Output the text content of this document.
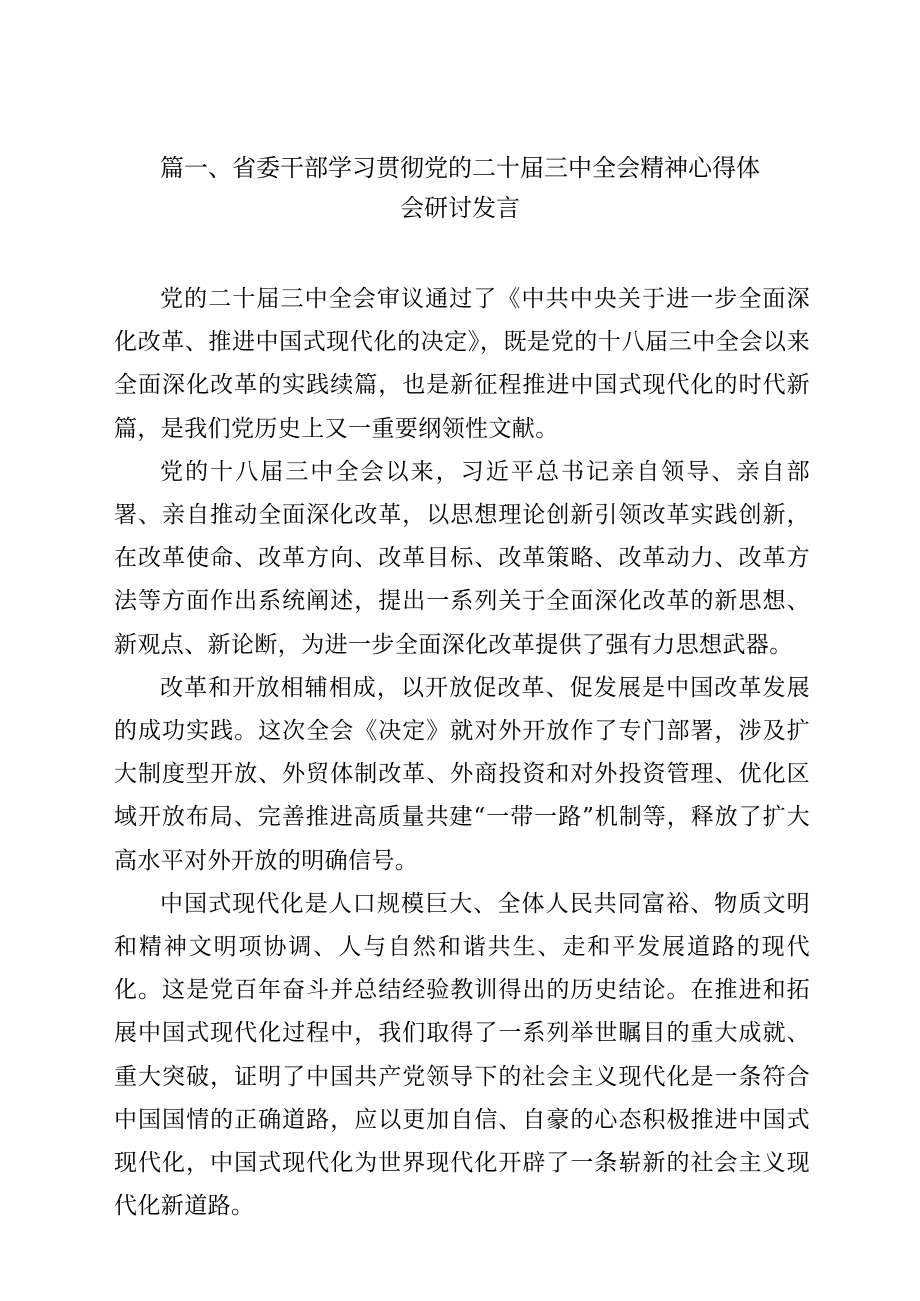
篇一、省委干部学习贯彻党的二十届三中全会精神心得体
会研讨发言

党的二十届三中全会审议通过了《中共中央关于进一步全面深化改革、推进中国式现代化的决定》，既是党的十八届三中全会以来全面深化改革的实践续篇，也是新征程推进中国式现代化的时代新篇，是我们党历史上又一重要纲领性文献。

党的十八届三中全会以来，习近平总书记亲自领导、亲自部署、亲自推动全面深化改革，以思想理论创新引领改革实践创新，在改革使命、改革方向、改革目标、改革策略、改革动力、改革方法等方面作出系统阐述，提出一系列关于全面深化改革的新思想、新观点、新论断，为进一步全面深化改革提供了强有力思想武器。

改革和开放相辅相成，以开放促改革、促发展是中国改革发展的成功实践。这次全会《决定》就对外开放作了专门部署，涉及扩大制度型开放、外贸体制改革、外商投资和对外投资管理、优化区域开放布局、完善推进高质量共建“一带一路”机制等，释放了扩大高水平对外开放的明确信号。

中国式现代化是人口规模巨大、全体人民共同富裕、物质文明和精神文明项协调、人与自然和谐共生、走和平发展道路的现代化。这是党百年奋斗并总结经验教训得出的历史结论。在推进和拓展中国式现代化过程中，我们取得了一系列举世瞩目的重大成就、重大突破，证明了中国共产党领导下的社会主义现代化是一条符合中国国情的正确道路，应以更加自信、自豪的心态积极推进中国式现代化，中国式现代化为世界现代化开辟了一条崭新的社会主义现代化新道路。
